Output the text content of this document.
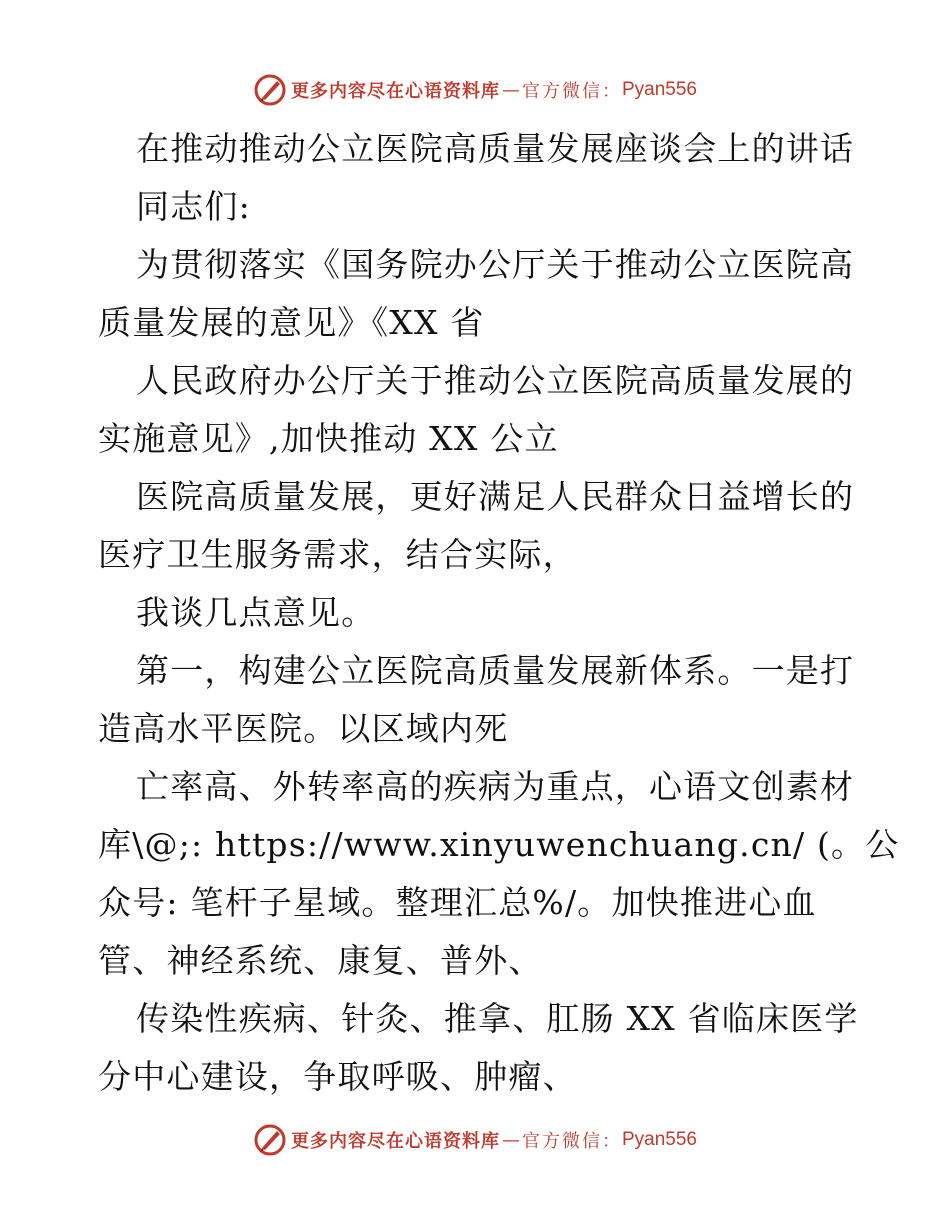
更多内容尽在心语资料库 — 官方微信： Pyan556
在推动推动公立医院高质量发展座谈会上的讲话
同志们:
为贯彻落实《国务院办公厅关于推动公立医院高
质量发展的意见》《XX 省
人民政府办公厅关于推动公立医院高质量发展的
实施意见》,加快推动 XX 公立
医院高质量发展，更好满足人民群众日益增长的
医疗卫生服务需求，结合实际，
我谈几点意见。
第一，构建公立医院高质量发展新体系。一是打
造高水平医院。以区域内死
亡率高、外转率高的疾病为重点，心语文创素材
库\@;: https://www.xinyuwenchuang.cn/ (。公
众号: 笔杆子星域。整理汇总%/。加快推进心血
管、神经系统、康复、普外、
传染性疾病、针灸、推拿、肛肠 XX 省临床医学
分中心建设，争取呼吸、肿瘤、
更多内容尽在心语资料库 — 官方微信： Pyan556
